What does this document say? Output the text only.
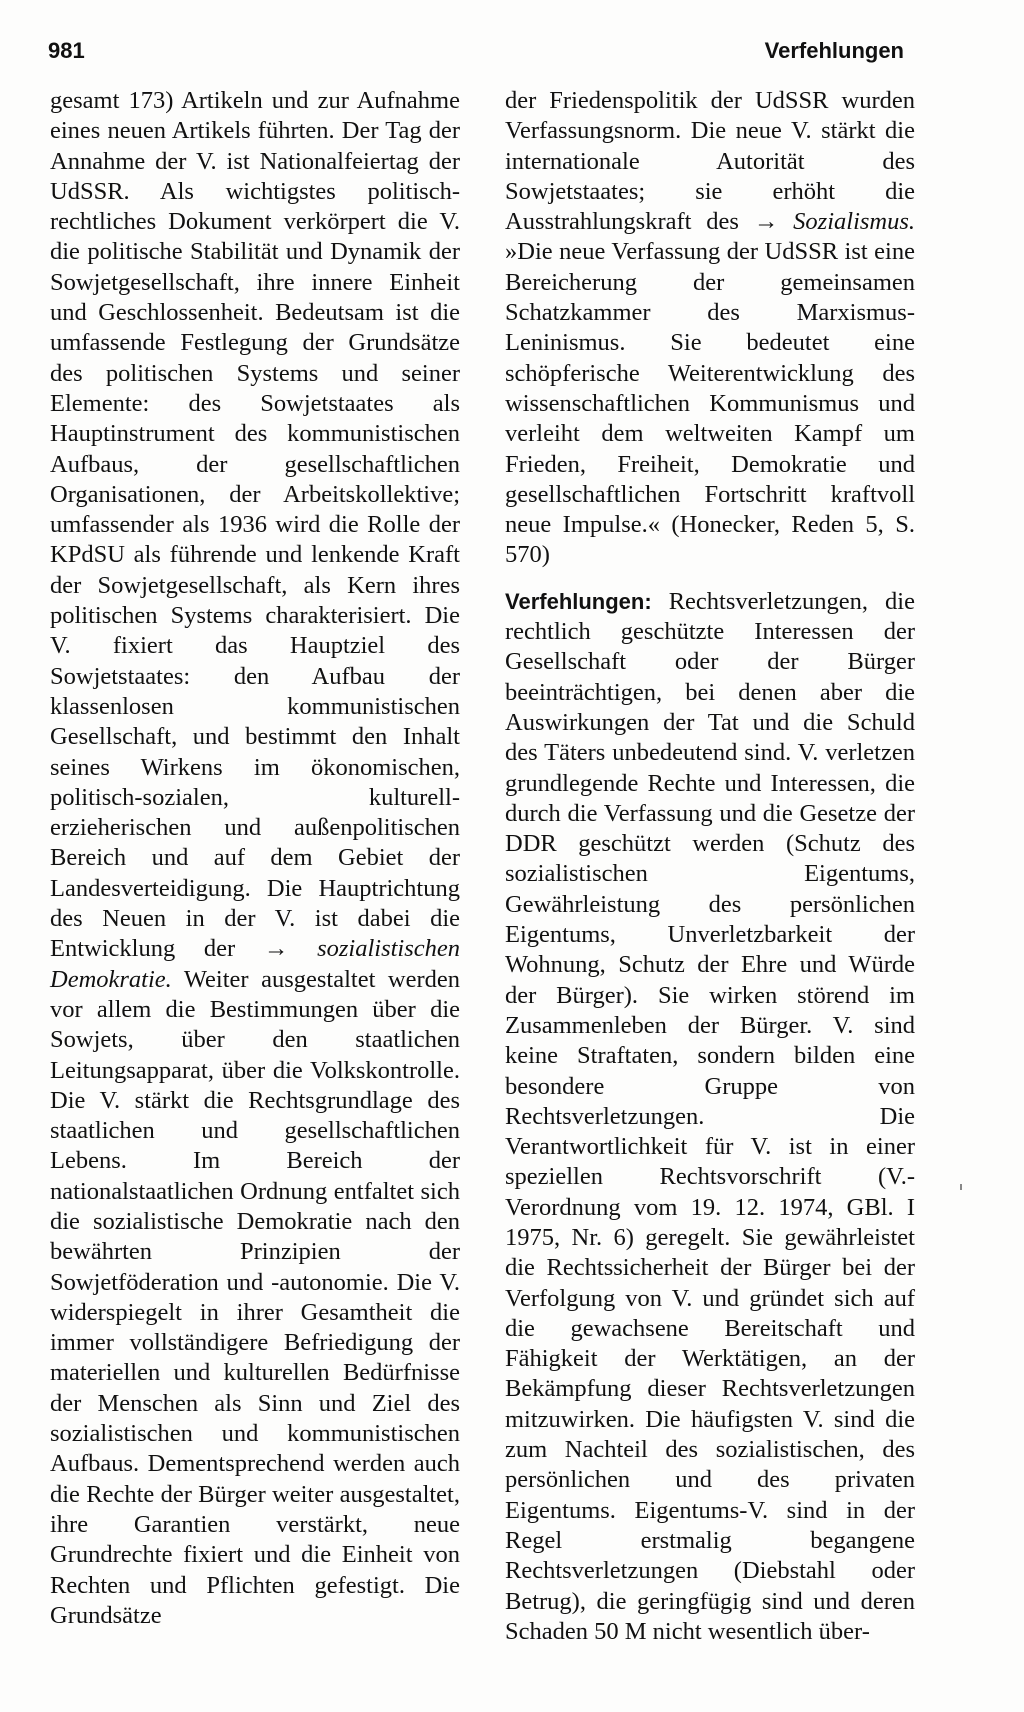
981	Verfehlungen

gesamt 173) Artikeln und zur Aufnahme eines neuen Artikels führten. Der Tag der Annahme der V. ist Nationalfeiertag der UdSSR. Als wichtigstes politisch-rechtliches Dokument verkörpert die V. die politische Stabilität und Dynamik der Sowjetgesellschaft, ihre innere Einheit und Geschlossenheit. Bedeutsam ist die umfassende Festlegung der Grundsätze des politischen Systems und seiner Elemente: des Sowjetstaates als Hauptinstrument des kommunistischen Aufbaus, der gesellschaftlichen Organisationen, der Arbeitskollektive; umfassender als 1936 wird die Rolle der KPdSU als führende und lenkende Kraft der Sowjetgesellschaft, als Kern ihres politischen Systems charakterisiert. Die V. fixiert das Hauptziel des Sowjetstaates: den Aufbau der klassenlosen kommunistischen Gesellschaft, und bestimmt den Inhalt seines Wirkens im ökonomischen, politisch-sozialen, kulturell-erzieherischen und außenpolitischen Bereich und auf dem Gebiet der Landesverteidigung. Die Hauptrichtung des Neuen in der V. ist dabei die Entwicklung der → sozialistischen Demokratie. Weiter ausgestaltet werden vor allem die Bestimmungen über die Sowjets, über den staatlichen Leitungsapparat, über die Volkskontrolle. Die V. stärkt die Rechtsgrundlage des staatlichen und gesellschaftlichen Lebens. Im Bereich der nationalstaatlichen Ordnung entfaltet sich die sozialistische Demokratie nach den bewährten Prinzipien der Sowjetföderation und -autonomie. Die V. widerspiegelt in ihrer Gesamtheit die immer vollständigere Befriedigung der materiellen und kulturellen Bedürfnisse der Menschen als Sinn und Ziel des sozialistischen und kommunistischen Aufbaus. Dementsprechend werden auch die Rechte der Bürger weiter ausgestaltet, ihre Garantien verstärkt, neue Grundrechte fixiert und die Einheit von Rechten und Pflichten gefestigt. Die Grundsätze

der Friedenspolitik der UdSSR wurden Verfassungsnorm. Die neue V. stärkt die internationale Autorität des Sowjetstaates; sie erhöht die Ausstrahlungskraft des → Sozialismus. »Die neue Verfassung der UdSSR ist eine Bereicherung der gemeinsamen Schatzkammer des Marxismus-Leninismus. Sie bedeutet eine schöpferische Weiterentwicklung des wissenschaftlichen Kommunismus und verleiht dem weltweiten Kampf um Frieden, Freiheit, Demokratie und gesellschaftlichen Fortschritt kraftvoll neue Impulse.« (Honecker, Reden 5, S. 570)

Verfehlungen: Rechtsverletzungen, die rechtlich geschützte Interessen der Gesellschaft oder der Bürger beeinträchtigen, bei denen aber die Auswirkungen der Tat und die Schuld des Täters unbedeutend sind. V. verletzen grundlegende Rechte und Interessen, die durch die Verfassung und die Gesetze der DDR geschützt werden (Schutz des sozialistischen Eigentums, Gewährleistung des persönlichen Eigentums, Unverletzbarkeit der Wohnung, Schutz der Ehre und Würde der Bürger). Sie wirken störend im Zusammenleben der Bürger. V. sind keine Straftaten, sondern bilden eine besondere Gruppe von Rechtsverletzungen. Die Verantwortlichkeit für V. ist in einer speziellen Rechtsvorschrift (V.-Verordnung vom 19. 12. 1974, GBl. I 1975, Nr. 6) geregelt. Sie gewährleistet die Rechtssicherheit der Bürger bei der Verfolgung von V. und gründet sich auf die gewachsene Bereitschaft und Fähigkeit der Werktätigen, an der Bekämpfung dieser Rechtsverletzungen mitzuwirken. Die häufigsten V. sind die zum Nachteil des sozialistischen, des persönlichen und des privaten Eigentums. Eigentums-V. sind in der Regel erstmalig begangene Rechtsverletzungen (Diebstahl oder Betrug), die geringfügig sind und deren Schaden 50 M nicht wesentlich über-
